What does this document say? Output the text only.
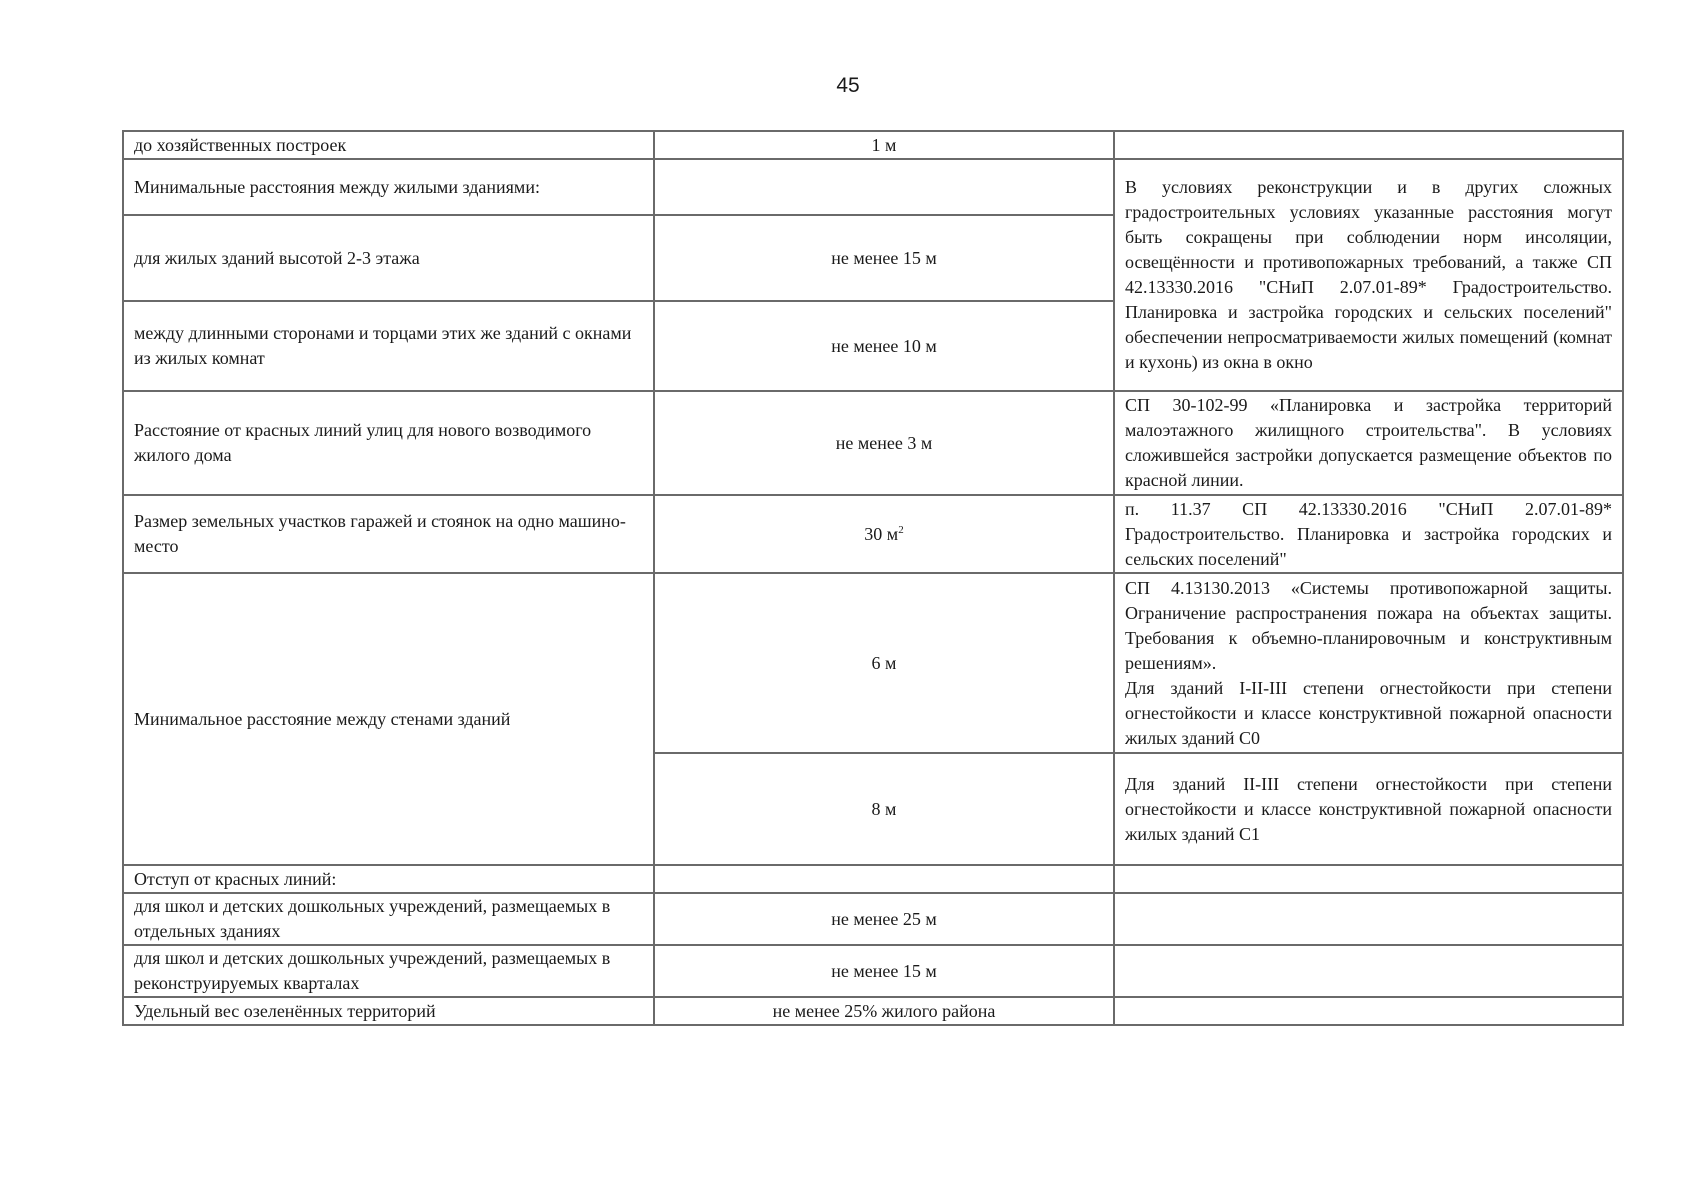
45
до хозяйственных построек	1 м	
Минимальные расстояния между жилыми зданиями:		В условиях реконструкции и в других сложных градостроительных условиях указанные расстояния могут быть сокращены при соблюдении норм инсоляции, освещённости и противопожарных требований, а также СП 42.13330.2016 "СНиП 2.07.01-89* Градостроительство. Планировка и застройка городских и сельских поселений" обеспечении непросматриваемости жилых помещений (комнат и кухонь) из окна в окно
для жилых зданий высотой 2-3 этажа	не менее 15 м	
между длинными сторонами и торцами этих же зданий с окнами из жилых комнат	не менее 10 м	
Расстояние от красных линий улиц для нового возводимого жилого дома	не менее 3 м	СП 30-102-99 «Планировка и застройка территорий малоэтажного жилищного строительства". В условиях сложившейся застройки допускается размещение объектов по красной линии.
Размер земельных участков гаражей и стоянок на одно машино-место	30 $м^2$	п. 11.37 СП 42.13330.2016 "СНиП 2.07.01-89* Градостроительство. Планировка и застройка городских и сельских поселений"
Минимальное расстояние между стенами зданий	6 м	СП 4.13130.2013 «Системы противопожарной защиты. Ограничение распространения пожара на объектах защиты. Требования к объемно-планировочным и конструктивным решениям».
Для зданий I-II-III степени огнестойкости при степени огнестойкости и классе конструктивной пожарной опасности жилых зданий С0

	8 м	Для зданий II-III степени огнестойкости при степени огнестойкости и классе конструктивной пожарной опасности жилых зданий С1
Отступ от красных линий:		
для школ и детских дошкольных учреждений, размещаемых в отдельных зданиях	не менее 25 м	
для школ и детских дошкольных учреждений, размещаемых в реконструируемых кварталах	не менее 15 м	
Удельный вес озеленённых территорий	не менее 25% жилого района	
